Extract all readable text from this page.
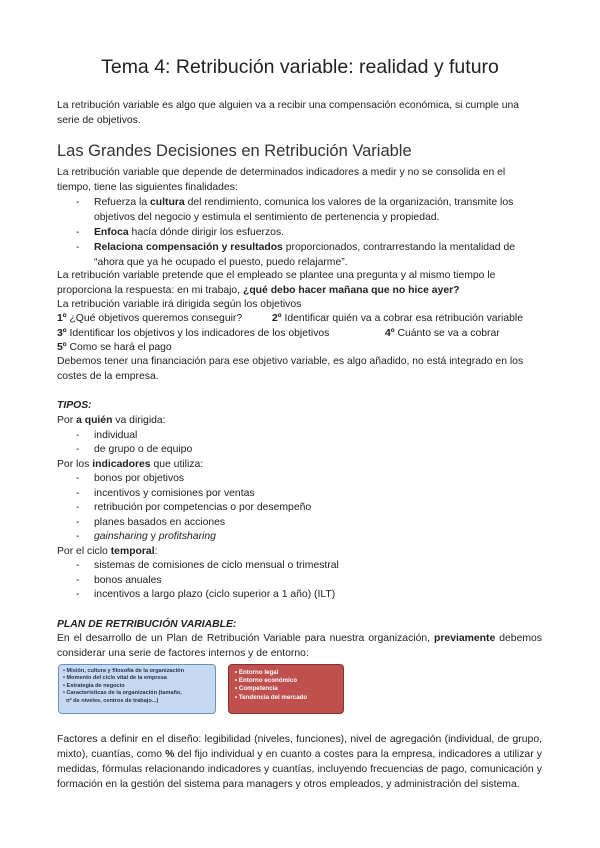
Tema 4: Retribución variable: realidad y futuro
La retribución variable es algo que alguien va a recibir una compensación económica, si cumple una serie de objetivos.
Las Grandes Decisiones en Retribución Variable
La retribución variable que depende de determinados indicadores a medir y no se consolida en el tiempo, tiene las siguientes finalidades:
- Refuerza la cultura del rendimiento, comunica los valores de la organización, transmite los objetivos del negocio y estimula el sentimiento de pertenencia y propiedad.
- Enfoca hacía dónde dirigir los esfuerzos.
- Relaciona compensación y resultados proporcionados, contrarrestando la mentalidad de “ahora que ya he ocupado el puesto, puedo relajarme”.
La retribución variable pretende que el empleado se plantee una pregunta y al mismo tiempo le proporciona la respuesta: en mi trabajo, ¿qué debo hacer mañana que no hice ayer?
La retribución variable irá dirigida según los objetivos
1º ¿Qué objetivos queremos conseguir?	2º Identificar quién va a cobrar esa retribución variable
3º Identificar los objetivos y los indicadores de los objetivos	4º Cuánto se va a cobrar
5º Como se hará el pago
Debemos tener una financiación para ese objetivo variable, es algo añadido, no está integrado en los costes de la empresa.
TIPOS:
Por a quién va dirigida:
- individual
- de grupo o de equipo
Por los indicadores que utiliza:
- bonos por objetivos
- incentivos y comisiones por ventas
- retribución por competencias o por desempeño
- planes basados en acciones
- gainsharing y profitsharing
Por el ciclo temporal:
- sistemas de comisiones de ciclo mensual o trimestral
- bonos anuales
- incentivos a largo plazo (ciclo superior a 1 año) (ILT)
PLAN DE RETRIBUCIÓN VARIABLE:
En el desarrollo de un Plan de Retribución Variable para nuestra organización, previamente debemos considerar una serie de factores internos y de entorno:
• Misión, cultura y filosofía de la organización
• Momento del ciclo vital de la empresa
• Estrategia de negocio
• Características de la organización (tamaño,
nº de niveles, centros de trabajo...)
• Entorno legal
• Entorno económico
• Competencia
• Tendencia del mercado
Factores a definir en el diseño: legibilidad (niveles, funciones), nivel de agregación (individual, de grupo, mixto), cuantías, como % del fijo individual y en cuanto a costes para la empresa, indicadores a utilizar y medidas, fórmulas relacionando indicadores y cuantías, incluyendo frecuencias de pago, comunicación y formación en la gestión del sistema para managers y otros empleados, y administración del sistema.
